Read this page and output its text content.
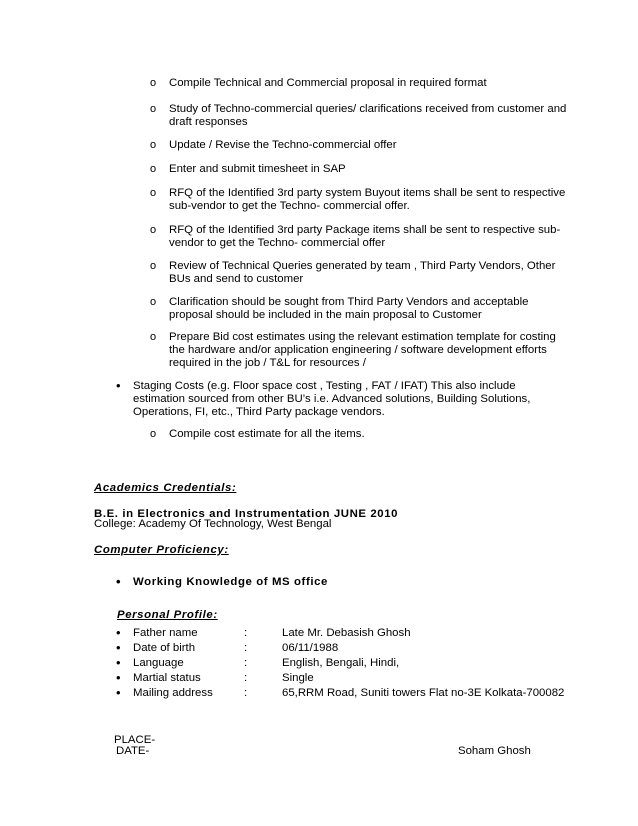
o Compile Technical and Commercial proposal in required format
o Study of Techno-commercial queries/ clarifications received from customer and draft responses
o Update / Revise the Techno-commercial offer
o Enter and submit timesheet in SAP
o RFQ of the Identified 3rd party system Buyout items shall be sent to respective sub-vendor to get the Techno- commercial offer.
o RFQ of the Identified 3rd party Package items shall be sent to respective sub-vendor to get the Techno- commercial offer
o Review of Technical Queries generated by team , Third Party Vendors, Other BUs and send to customer
o Clarification should be sought from Third Party Vendors and acceptable proposal should be included in the main proposal to Customer
o Prepare Bid cost estimates using the relevant estimation template for costing the hardware and/or application engineering / software development efforts required in the job / T&L for resources /
• Staging Costs (e.g. Floor space cost , Testing , FAT / IFAT) This also include estimation sourced from other BU’s i.e. Advanced solutions, Building Solutions, Operations, FI, etc., Third Party package vendors.
o Compile cost estimate for all the items.
Academics Credentials:
B.E. in Electronics and Instrumentation JUNE 2010
College: Academy Of Technology, West Bengal
Computer Proficiency:
• Working Knowledge of MS office
Personal Profile:
• Father name	:	Late Mr. Debasish Ghosh
• Date of birth	:	06/11/1988
• Language	:	English, Bengali, Hindi,
• Martial status	:	Single
• Mailing address	:	65,RRM Road, Suniti towers Flat no-3E Kolkata-700082
PLACE-
DATE-	Soham Ghosh
